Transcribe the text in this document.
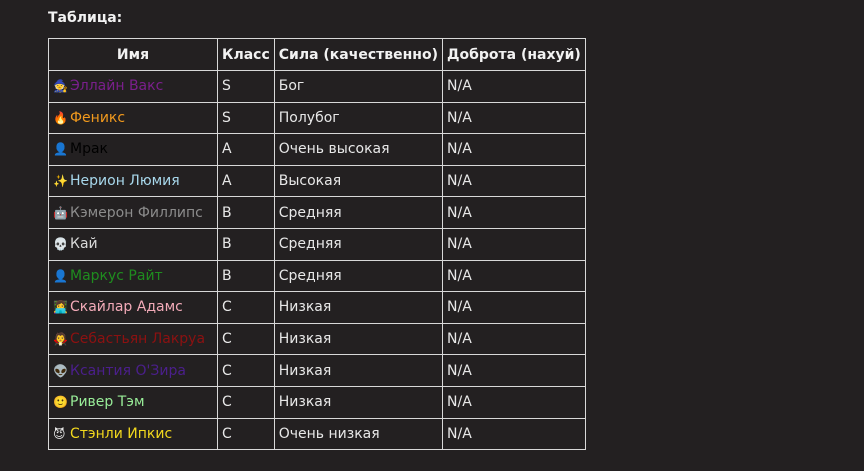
Таблица:
Имя	Класс	Сила (качественно)	Доброта (нахуй)
🧙 Эллайн Вакс	S	Бог	N/A
🔥 Феникс	S	Полубог	N/A
👤 Мрак	A	Очень высокая	N/A
✨ Нерион Люмия	A	Высокая	N/A
🤖 Кэмерон Филлипс	B	Средняя	N/A
💀 Кай	B	Средняя	N/A
👤 Маркус Райт	B	Средняя	N/A
👩‍💻 Скайлар Адамс	C	Низкая	N/A
🧛 Себастьян Лакруа	C	Низкая	N/A
👽 Ксантия О'Зира	C	Низкая	N/A
🙂 Ривер Тэм	C	Низкая	N/A
😈 Стэнли Ипкис	C	Очень низкая	N/A
